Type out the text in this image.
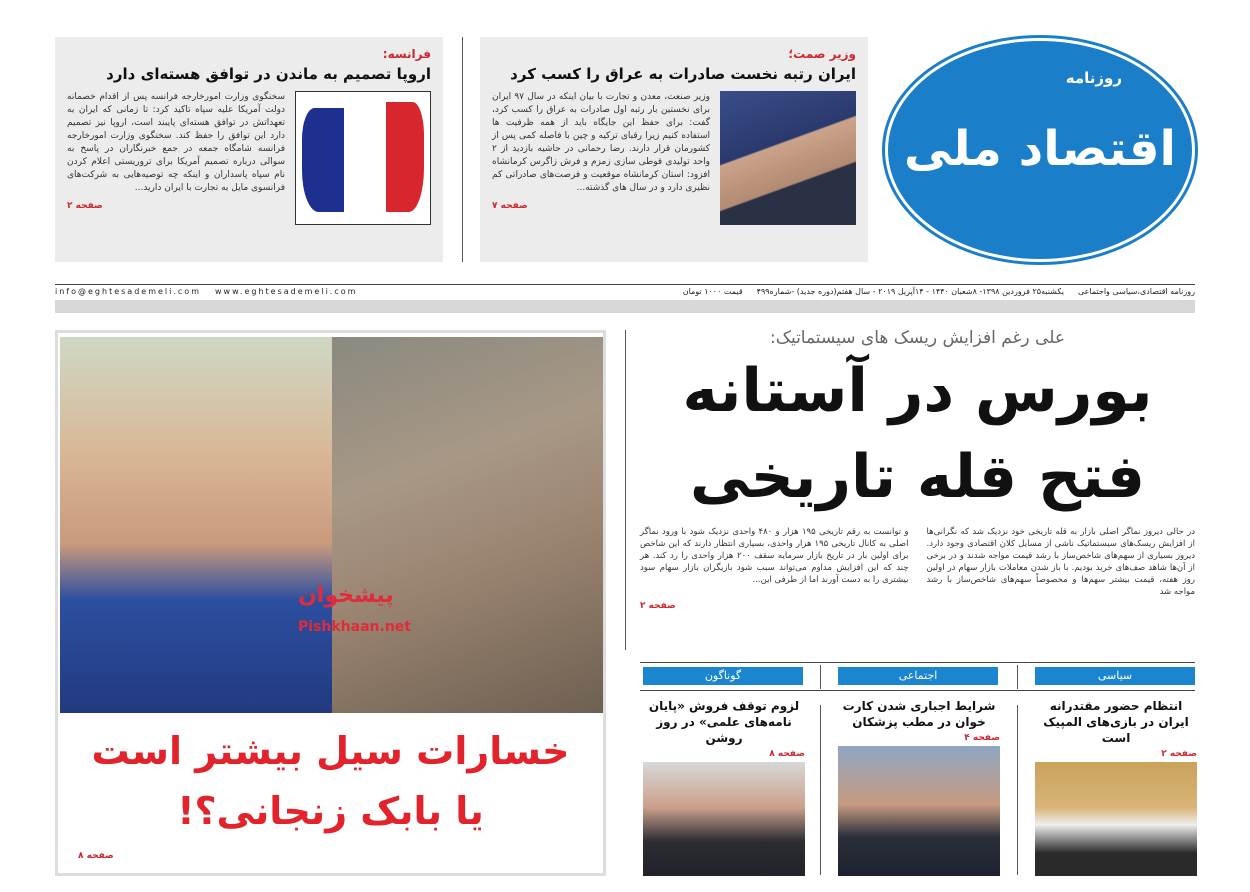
وزیر صمت؛
ایران رتبه نخست صادرات به عراق را کسب کرد
وزیر صنعت، معدن و تجارت با بیان اینکه در سال ۹۷ ایران برای نخستین بار رتبه اول صادرات به عراق را کسب کرد، گفت: برای حفظ این جایگاه باید از همه ظرفیت ها استفاده کنیم زیرا رقبای ترکیه و چین با فاصله کمی پس از کشورمان قرار دارند. رضا رحمانی در حاشیه بازدید از ۲ واحد تولیدی قوطی سازی زمزم و فرش زاگرس کرمانشاه افزود: استان کرمانشاه موقعیت و فرصت‌های صادراتی کم نظیری دارد و در سال های گذشته...
صفحه ۷
فرانسه:
اروپا تصمیم به ماندن در توافق هسته‌ای دارد
سخنگوی وزارت امورخارجه فرانسه پس از اقدام خصمانه دولت آمریکا علیه سپاه تاکید کرد: تا زمانی که ایران به تعهداتش در توافق هسته‌ای پایبند است، اروپا نیز تصمیم دارد این توافق را حفظ کند. سخنگوی وزارت امورخارجه فرانسه شامگاه جمعه در جمع خبرنگاران در پاسخ به سوالی درباره تصمیم آمریکا برای تروریستی اعلام کردن نام سپاه پاسداران و اینکه چه توصیه‌هایی به شرکت‌های فرانسوی مایل به تجارت با ایران دارید...
صفحه ۲
روزنامه
اقتصاد ملی
روزنامه اقتصادی،سیاسی واجتماعی
یکشنبه۲۵ فروردین ۱۳۹۸- ۸شعبان ۱۴۴۰ - ۱۴آپریل ۲۰۱۹ - سال هفتم(دوره جدید) -شماره۴۹۹
قیمت ۱۰۰۰ تومان
www.eghtesademeli.com
info@eghtesademeli.com
پیشخوان
Pishkhaan.net
خسارات سیل بیشتر است
یا بابک زنجانی؟!
صفحه ۸
علی رغم افزایش ریسک های سیستماتیک:
بورس در آستانه
فتح قله تاریخی
در حالی دیروز نماگر اصلی بازار به قله تاریخی خود نزدیک شد که نگرانی‌ها از افزایش ریسک‌های سیستماتیک ناشی از مسایل کلان اقتصادی وجود دارد. دیروز بسیاری از سهم‌های شاخص‌ساز با رشد قیمت مواجه شدند و در برخی از آن‌ها شاهد صف‌های خرید بودیم. با باز شدن معاملات بازار سهام در اولین روز هفته، قیمت بیشتر سهم‌ها و مخصوصاً سهم‌های شاخص‌ساز با رشد مواجه شد
و توانست به رقم تاریخی ۱۹۵ هزار و ۴۸۰ واحدی نزدیک شود با ورود نماگر اصلی به کانال تاریخی ۱۹۵ هزار واحدی، بسیاری انتظار دارند که این شاخص برای اولین بار در تاریخ بازار سرمایه سقف ۲۰۰ هزار واحدی را رد کند. هر چند که این افزایش مداوم می‌تواند سبب شود بازیگران بازار سهام سود بیشتری را به دست آورند اما از طرفی این...
صفحه ۲
سیاسی
اجتماعی
گوناگون
انتظام حضور مقتدرانه ایران در بازی‌های المپیک است
صفحه ۲
شرایط اجباری شدن کارت خوان در مطب پزشکان
صفحه ۴
لزوم توقف فروش «پایان نامه‌های علمی» در روز روشن
صفحه ۸
